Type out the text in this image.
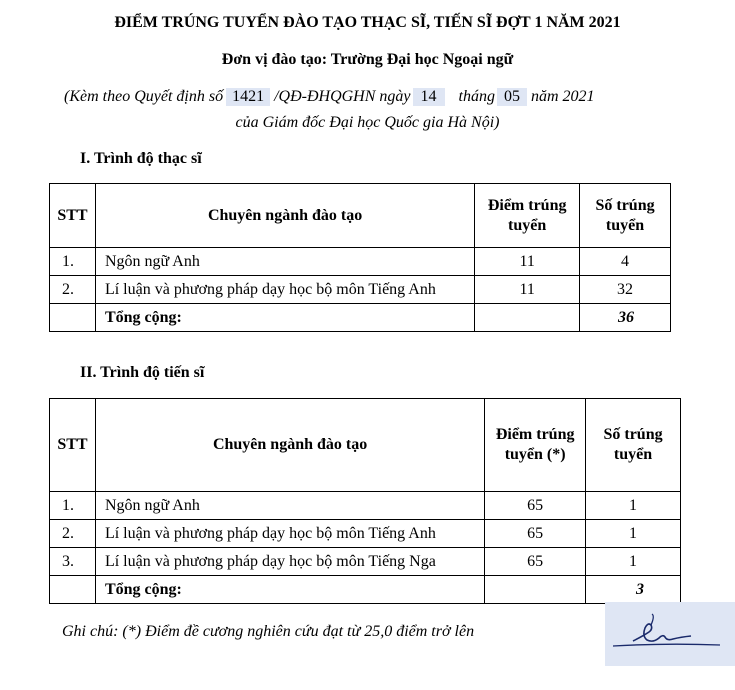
ĐIỂM TRÚNG TUYỂN ĐÀO TẠO THẠC SĨ, TIẾN SĨ ĐỢT 1 NĂM 2021
Đơn vị đào tạo: Trường Đại học Ngoại ngữ
(Kèm theo Quyết định số 1421 /QĐ-ĐHQGHN ngày 14 tháng 05 năm 2021
của Giám đốc Đại học Quốc gia Hà Nội)
I. Trình độ thạc sĩ
STT	Chuyên ngành đào tạo	Điểm trúng tuyển	Số trúng tuyển
1.	Ngôn ngữ Anh	11	4
2.	Lí luận và phương pháp dạy học bộ môn Tiếng Anh	11	32
	Tổng cộng:		36
II. Trình độ tiến sĩ
STT	Chuyên ngành đào tạo	Điểm trúng tuyển (*)	Số trúng tuyển
1.	Ngôn ngữ Anh	65	1
2.	Lí luận và phương pháp dạy học bộ môn Tiếng Anh	65	1
3.	Lí luận và phương pháp dạy học bộ môn Tiếng Nga	65	1
	Tổng cộng:		3
Ghi chú: (*) Điểm đề cương nghiên cứu đạt từ 25,0 điểm trở lên
